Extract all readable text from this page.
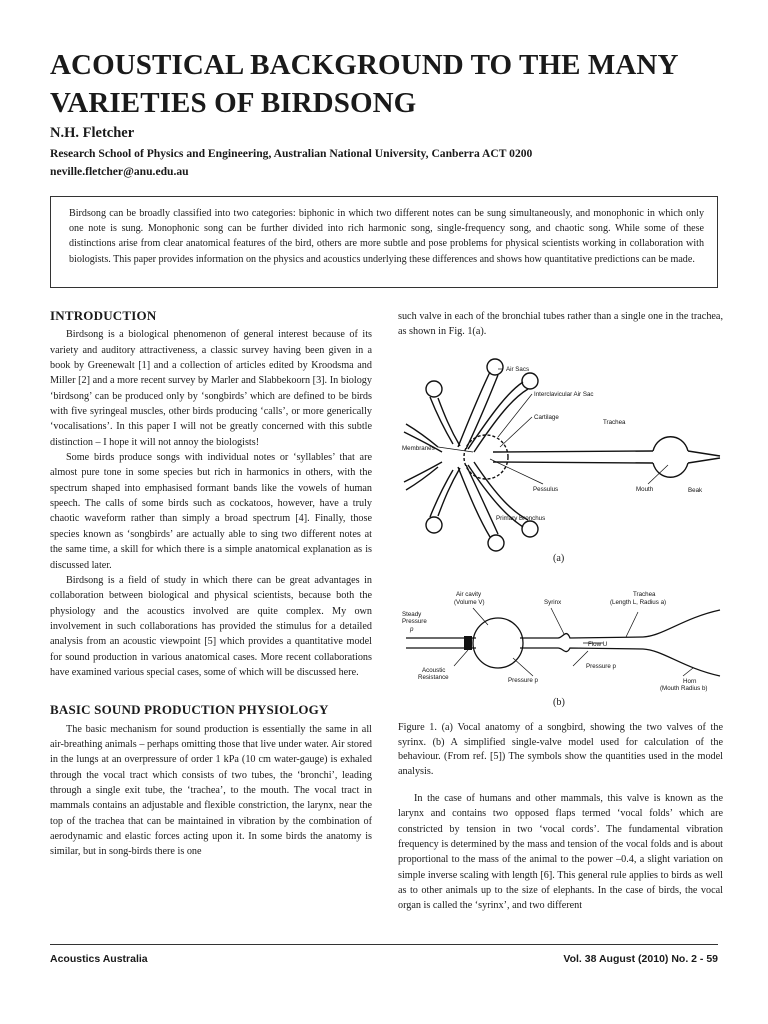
ACOUSTICAL BACKGROUND TO THE MANY VARIETIES OF BIRDSONG
N.H. Fletcher
Research School of Physics and Engineering, Australian National University, Canberra ACT 0200
neville.fletcher@anu.edu.au
Birdsong can be broadly classified into two categories: biphonic in which two different notes can be sung simultaneously, and monophonic in which only one note is sung. Monophonic song can be further divided into rich harmonic song, single-frequency song, and chaotic song. While some of these distinctions arise from clear anatomical features of the bird, others are more subtle and pose problems for physical scientists working in collaboration with biologists. This paper provides information on the physics and acoustics underlying these differences and shows how quantitative predictions can be made.
INTRODUCTION

Birdsong is a biological phenomenon of general interest because of its variety and auditory attractiveness, a classic survey having been given in a book by Greenewalt [1] and a collection of articles edited by Kroodsma and Miller [2] and a more recent survey by Marler and Slabbekoorn [3]. In biology ‘birdsong’ can be produced only by ‘songbirds’ which are defined to be birds with five syringeal muscles, other birds producing ‘calls’, or more generically ‘vocalisations’. In this paper I will not be greatly concerned with this subtle distinction – I hope it will not annoy the biologists!

Some birds produce songs with individual notes or ‘syllables’ that are almost pure tone in some species but rich in harmonics in others, with the spectrum shaped into emphasised formant bands like the vowels of human speech. The calls of some birds such as cockatoos, however, have a truly chaotic waveform rather than simply a broad spectrum [4]. Finally, those species known as ‘songbirds’ are actually able to sing two different notes at the same time, a skill for which there is a simple anatomical explanation as is discussed later.

Birdsong is a field of study in which there can be great advantages in collaboration between biological and physical scientists, because both the physiology and the acoustics involved are quite complex. My own involvement in such collaborations has provided the stimulus for a detailed analysis from an acoustic viewpoint [5] which provides a quantitative model for sound production in various anatomical cases. More recent collaborations have examined various special cases, some of which will be discussed here.

BASIC SOUND PRODUCTION PHYSIOLOGY

The basic mechanism for sound production is essentially the same in all air-breathing animals – perhaps omitting those that live under water. Air stored in the lungs at an overpressure of order 1 kPa (10 cm water-gauge) is exhaled through the vocal tract which consists of two tubes, the ‘bronchi’, leading through a single exit tube, the ‘trachea’, to the mouth. The vocal tract in mammals contains an adjustable and flexible constriction, the larynx, near the top of the trachea that can be maintained in vibration by the combination of aerodynamic and elastic forces acting upon it. In some birds the anatomy is similar, but in song-birds there is one

such valve in each of the bronchial tubes rather than a single one in the trachea, as shown in Fig. 1(a).

Air Sacs
Interclavicular Air Sac
Cartilage
Trachea
Membranes
Pessulus	Mouth	Beak
Primary Bronchus
(a)
Air cavity
(Volume V)	Syrinx
Trachea
(Length L, Radius a)
Steady
Pressure
p
Flow U
Pressure p
Acoustic
Resistance	Pressure p	Horn
(Mouth Radius b)
(b)
Figure 1. (a) Vocal anatomy of a songbird, showing the two valves of the syrinx. (b) A simplified single-valve model used for calculation of the behaviour. (From ref. [5]) The symbols show the quantities used in the model analysis.

In the case of humans and other mammals, this valve is known as the larynx and contains two opposed flaps termed ‘vocal folds’ which are constricted by tension in two ‘vocal cords’. The fundamental vibration frequency is determined by the mass and tension of the vocal folds and is about proportional to the mass of the animal to the power –0.4, a slight variation on simple inverse scaling with length [6]. This general rule applies to birds as well as to other animals up to the size of elephants. In the case of birds, the vocal organ is called the ‘syrinx’, and two different

Acoustics Australia	Vol. 38 August (2010) No. 2 - 59
